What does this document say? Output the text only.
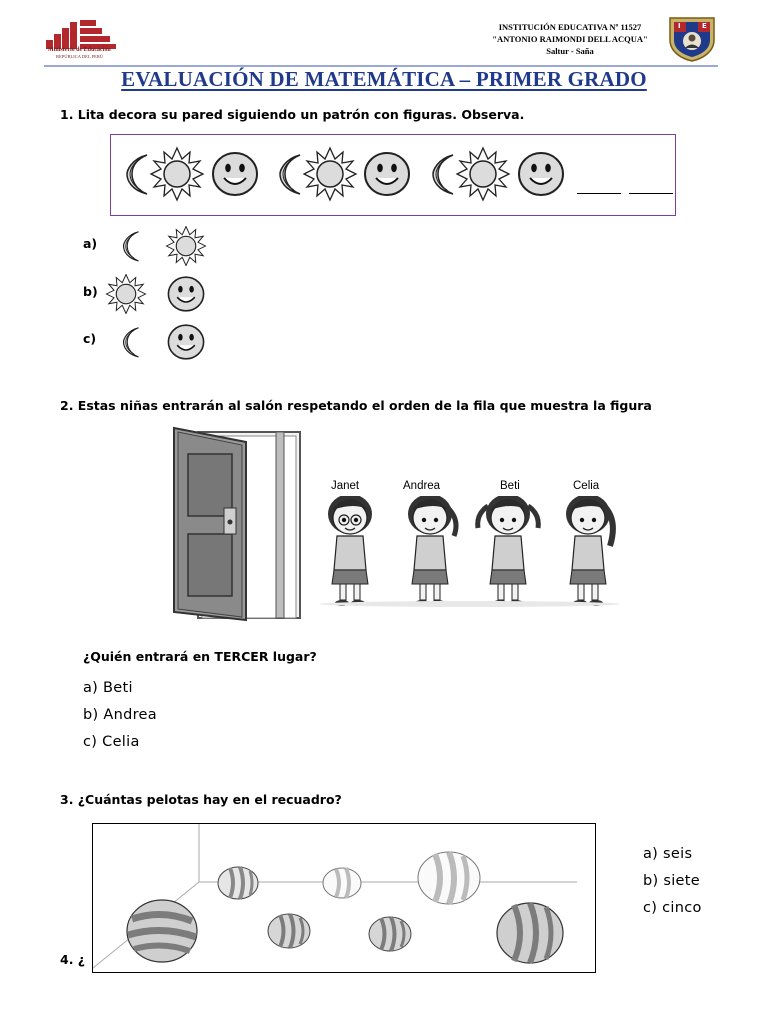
Ministerio de Educación
REPÚBLICA DEL PERÚ
INSTITUCIÓN EDUCATIVA Nº 11527
"ANTONIO RAIMONDI DELL ACQUA"
Saltur - Saña
I	E
EVALUACIÓN DE MATEMÁTICA – PRIMER GRADO
1. Lita decora su pared siguiendo un patrón con figuras. Observa.
a)
b)
c)
2. Estas niñas entrarán al salón respetando el orden de la fila que muestra la figura
Janet	Andrea	Beti	Celia
¿Quién entrará en TERCER lugar?
a) Beti
b) Andrea
c) Celia
3. ¿Cuántas pelotas hay en el recuadro?
a) seis
b) siete
c) cinco
4. ¿
